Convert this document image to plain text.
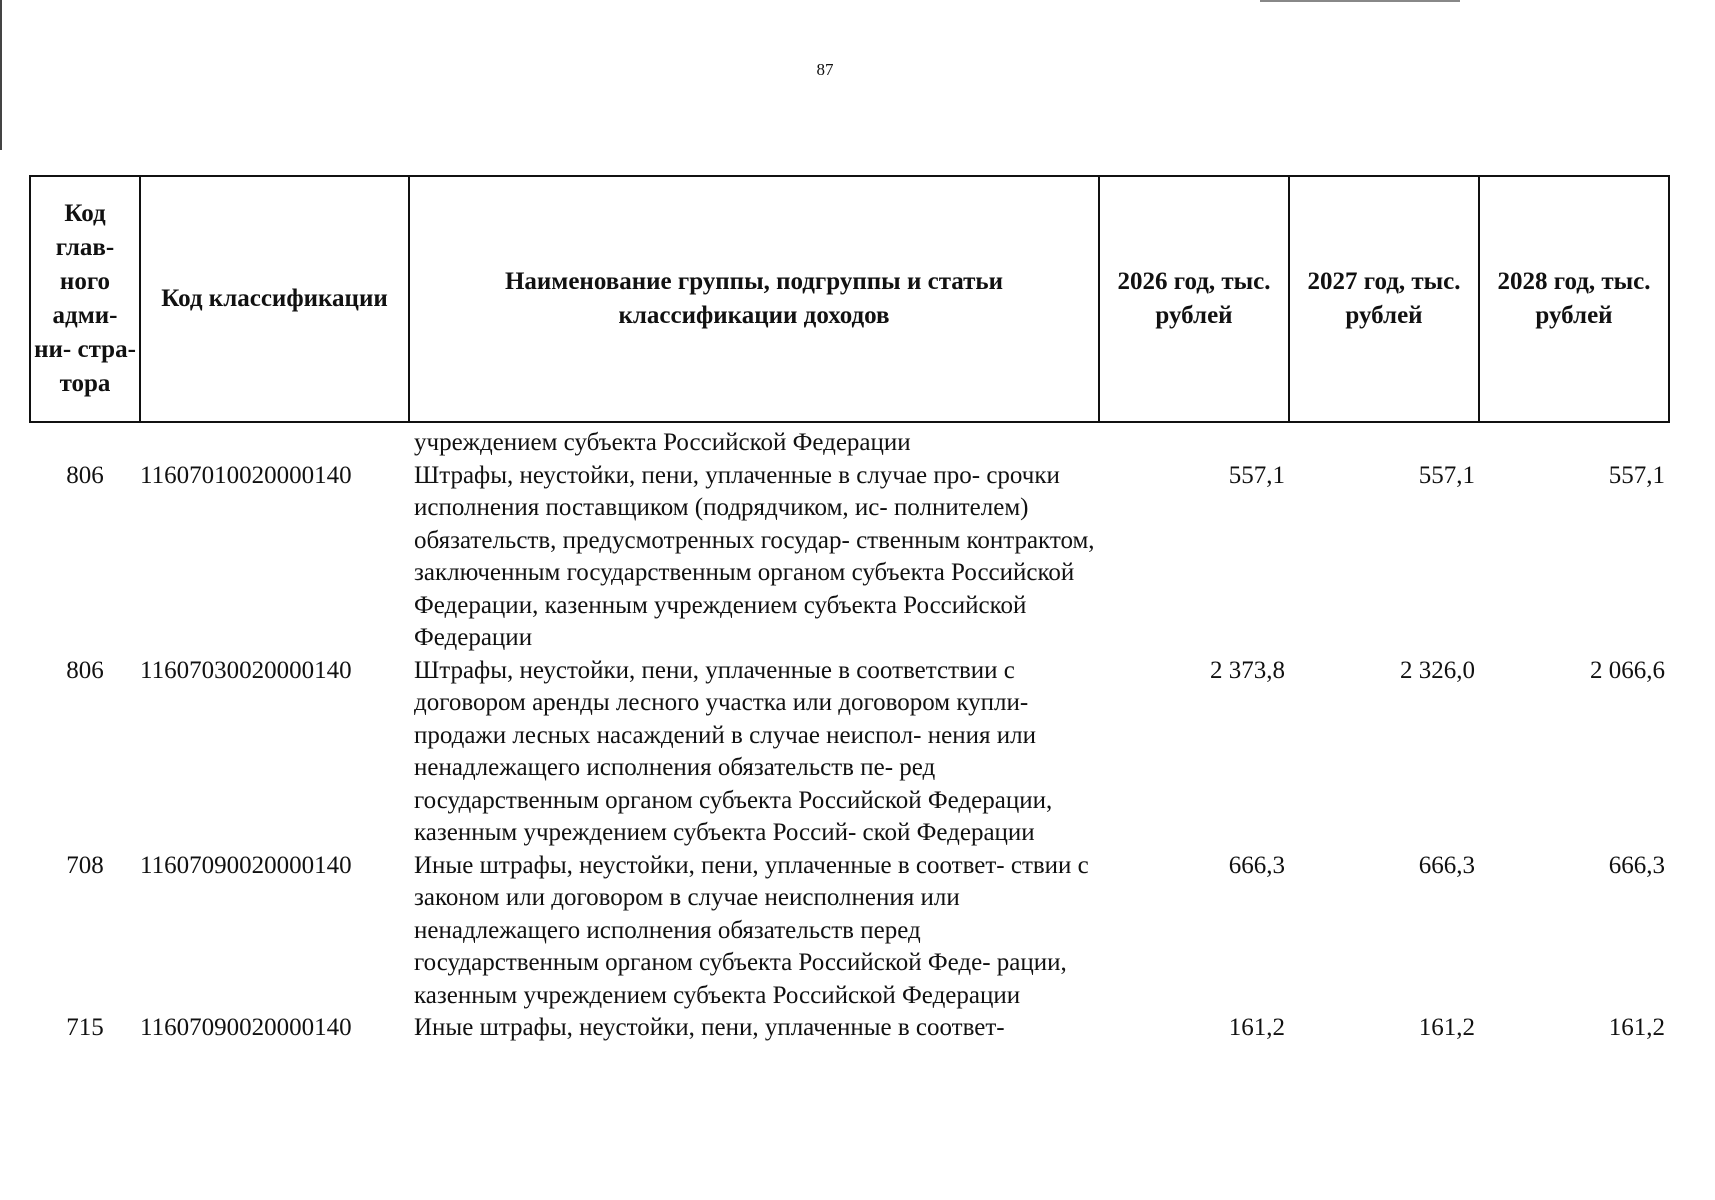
87
Код глав- ного адми- ни- стра- тора	Код классификации	Наименование группы, подгруппы и статьи классификации доходов	2026 год, тыс. рублей	2027 год, тыс. рублей	2028 год, тыс. рублей
		учреждением субъекта Российской Федерации			
806	11607010020000140	Штрафы, неустойки, пени, уплаченные в случае про- срочки исполнения поставщиком (подрядчиком, ис- полнителем) обязательств, предусмотренных государ- ственным контрактом, заключенным государственным органом субъекта Российской Федерации, казенным учреждением субъекта Российской Федерации	557,1	557,1	557,1
806	11607030020000140	Штрафы, неустойки, пени, уплаченные в соответствии с договором аренды лесного участка или договором купли-продажи лесных насаждений в случае неиспол- нения или ненадлежащего исполнения обязательств пе- ред государственным органом субъекта Российской Федерации, казенным учреждением субъекта Россий- ской Федерации	2 373,8	2 326,0	2 066,6
708	11607090020000140	Иные штрафы, неустойки, пени, уплаченные в соответ- ствии с законом или договором в случае неисполнения или ненадлежащего исполнения обязательств перед государственным органом субъекта Российской Феде- рации, казенным учреждением субъекта Российской Федерации	666,3	666,3	666,3
715	11607090020000140	Иные штрафы, неустойки, пени, уплаченные в соответ-	161,2	161,2	161,2
